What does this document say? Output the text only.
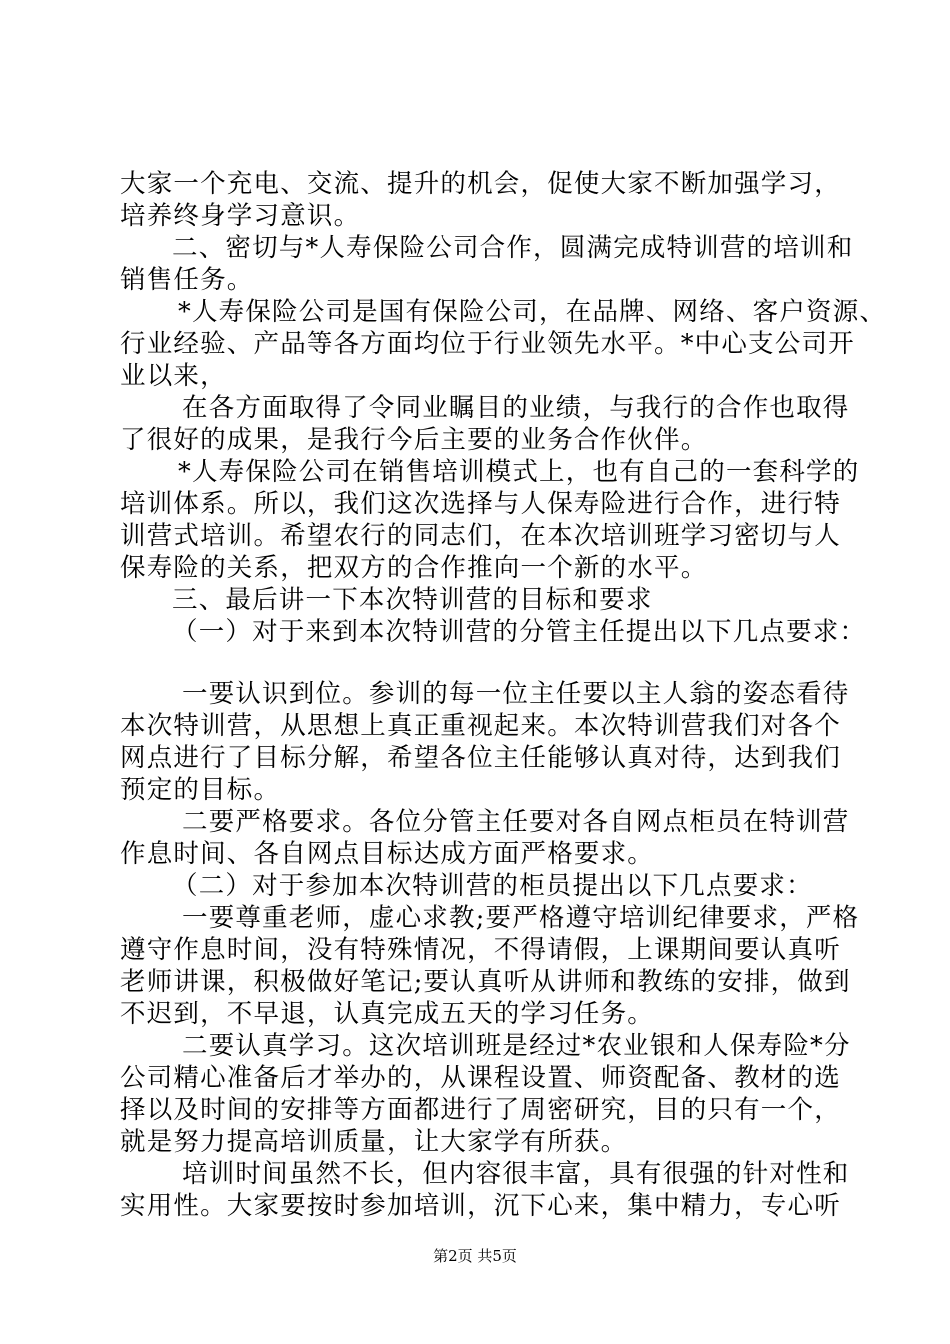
大家一个充电、交流、提升的机会，促使大家不断加强学习，
培养终身学习意识。
二、密切与*人寿保险公司合作，圆满完成特训营的培训和
销售任务。
*人寿保险公司是国有保险公司，在品牌、网络、客户资源、
行业经验、产品等各方面均位于行业领先水平。*中心支公司开
业以来，
在各方面取得了令同业瞩目的业绩，与我行的合作也取得
了很好的成果，是我行今后主要的业务合作伙伴。
*人寿保险公司在销售培训模式上，也有自己的一套科学的
培训体系。所以，我们这次选择与人保寿险进行合作，进行特
训营式培训。希望农行的同志们，在本次培训班学习密切与人
保寿险的关系，把双方的合作推向一个新的水平。
三、最后讲一下本次特训营的目标和要求
（一）对于来到本次特训营的分管主任提出以下几点要求：
一要认识到位。参训的每一位主任要以主人翁的姿态看待
本次特训营，从思想上真正重视起来。本次特训营我们对各个
网点进行了目标分解，希望各位主任能够认真对待，达到我们
预定的目标。
二要严格要求。各位分管主任要对各自网点柜员在特训营
作息时间、各自网点目标达成方面严格要求。
（二）对于参加本次特训营的柜员提出以下几点要求：
一要尊重老师，虚心求教;要严格遵守培训纪律要求，严格
遵守作息时间，没有特殊情况，不得请假，上课期间要认真听
老师讲课，积极做好笔记;要认真听从讲师和教练的安排，做到
不迟到，不早退，认真完成五天的学习任务。
二要认真学习。这次培训班是经过*农业银和人保寿险*分
公司精心准备后才举办的，从课程设置、师资配备、教材的选
择以及时间的安排等方面都进行了周密研究，目的只有一个，
就是努力提高培训质量，让大家学有所获。
培训时间虽然不长，但内容很丰富，具有很强的针对性和
实用性。大家要按时参加培训，沉下心来，集中精力，专心听
第2页 共5页
